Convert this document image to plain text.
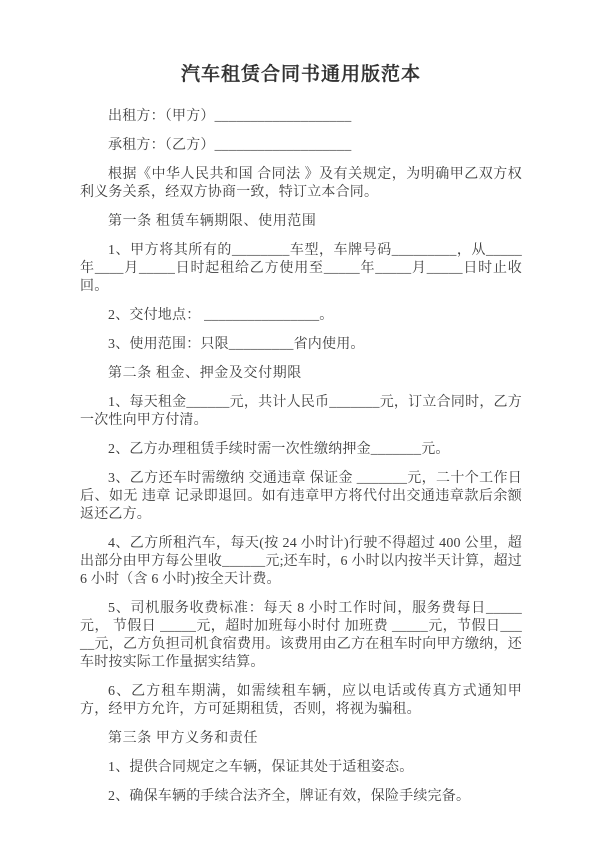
汽车租赁合同书通用版范本

出租方：（甲方）___________________

承租方：（乙方）___________________

根据《中华人民共和国 合同法 》及有关规定，为明确甲乙双方权利义务关系，经双方协商一致，特订立本合同。

第一条 租赁车辆期限、使用范围

1、甲方将其所有的________车型，车牌号码_________，从_____年____月_____日时起租给乙方使用至_____年_____月_____日时止收回。

2、交付地点： ________________。

3、使用范围：只限_________省内使用。

第二条 租金、押金及交付期限

1、每天租金______元，共计人民币_______元，订立合同时，乙方一次性向甲方付清。

2、乙方办理租赁手续时需一次性缴纳押金_______元。

3、乙方还车时需缴纳 交通违章 保证金 _______元，二十个工作日后、如无 违章 记录即退回。如有违章甲方将代付出交通违章款后余额返还乙方。

4、乙方所租汽车，每天(按 24 小时计)行驶不得超过 400 公里，超出部分由甲方每公里收______元;还车时，6 小时以内按半天计算，超过 6 小时（含 6 小时)按全天计费。

5、司机服务收费标准：每天 8 小时工作时间，服务费每日_____元， 节假日 _____元，超时加班每小时付 加班费 _____元，节假日_____元，乙方负担司机食宿费用。该费用由乙方在租车时向甲方缴纳，还车时按实际工作量据实结算。

6、乙方租车期满，如需续租车辆，应以电话或传真方式通知甲方，经甲方允许，方可延期租赁，否则，将视为骗租。

第三条 甲方义务和责任

1、提供合同规定之车辆，保证其处于适租姿态。

2、确保车辆的手续合法齐全，牌证有效，保险手续完备。
